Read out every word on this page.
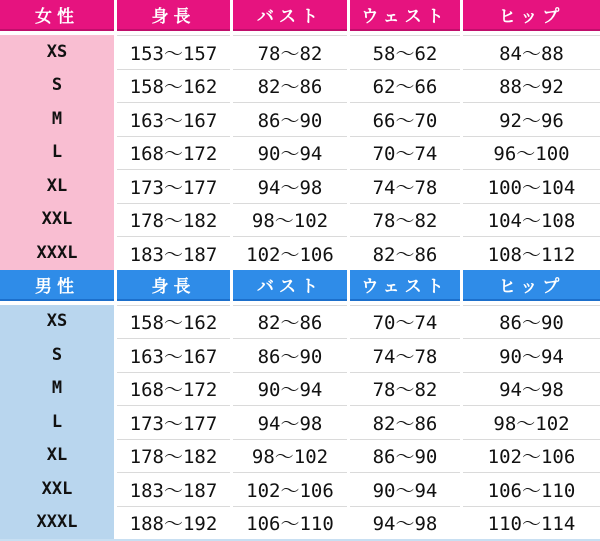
女性	身長	バスト	ウェスト	ヒップ
XS	153〜157	78〜82	58〜62	84〜88
S	158〜162	82〜86	62〜66	88〜92
M	163〜167	86〜90	66〜70	92〜96
L	168〜172	90〜94	70〜74	96〜100
XL	173〜177	94〜98	74〜78	100〜104
XXL	178〜182	98〜102	78〜82	104〜108
XXXL	183〜187	102〜106	82〜86	108〜112
男性	身長	バスト	ウェスト	ヒップ
XS	158〜162	82〜86	70〜74	86〜90
S	163〜167	86〜90	74〜78	90〜94
M	168〜172	90〜94	78〜82	94〜98
L	173〜177	94〜98	82〜86	98〜102
XL	178〜182	98〜102	86〜90	102〜106
XXL	183〜187	102〜106	90〜94	106〜110
XXXL	188〜192	106〜110	94〜98	110〜114
